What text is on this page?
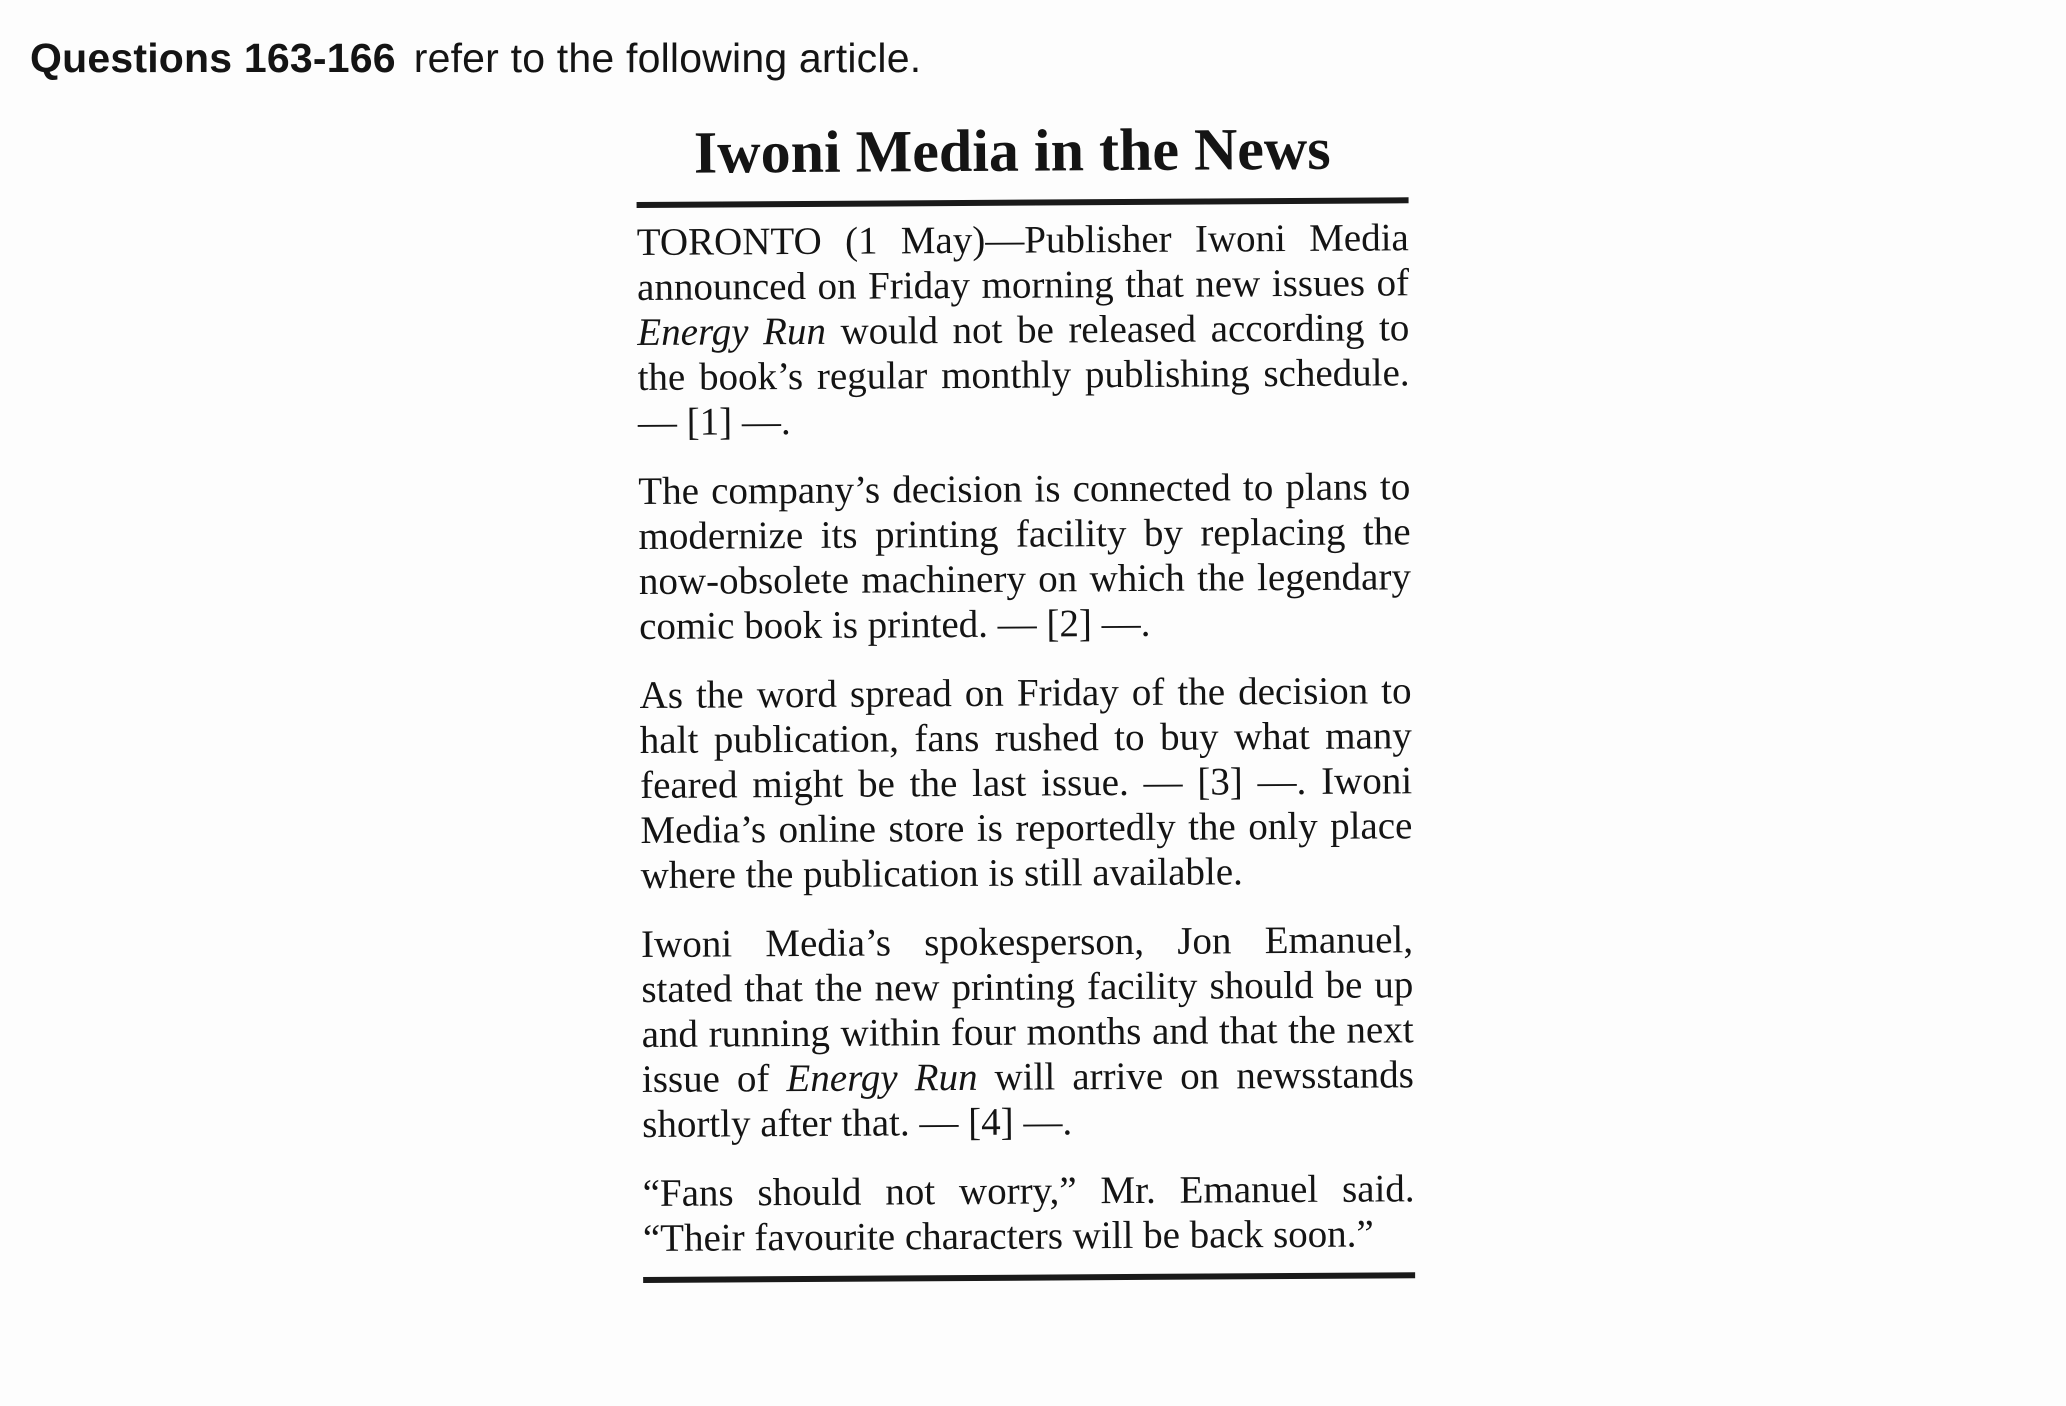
Questions 163-166 refer to the following article.
Iwoni Media in the News

TORONTO (1 May)—Publisher Iwoni Media announced on Friday morning that new issues of Energy Run would not be released according to the book’s regular monthly publishing schedule. — [1] —.

The company’s decision is connected to plans to modernize its printing facility by replacing the now-obsolete machinery on which the legendary comic book is printed. — [2] —.

As the word spread on Friday of the decision to halt publication, fans rushed to buy what many feared might be the last issue. — [3] —. Iwoni Media’s online store is reportedly the only place where the publication is still available.

Iwoni Media’s spokesperson, Jon Emanuel, stated that the new printing facility should be up and running within four months and that the next issue of Energy Run will arrive on newsstands shortly after that. — [4] —.

“Fans should not worry,” Mr. Emanuel said. “Their favourite characters will be back soon.”
